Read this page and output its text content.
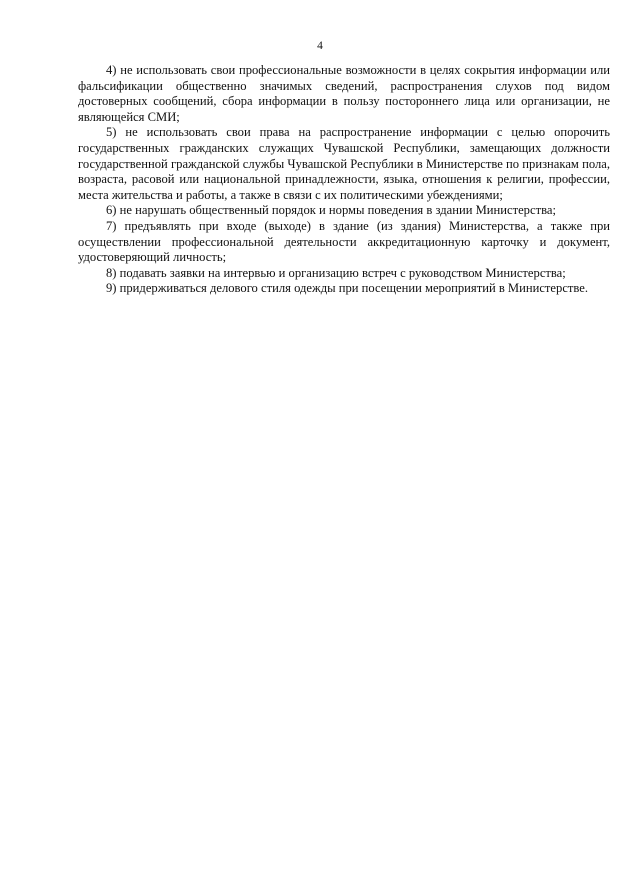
4

4) не использовать свои профессиональные возможности в целях сокрытия информации или фальсификации общественно значимых сведений, распространения слухов под видом достоверных сообщений, сбора информации в пользу постороннего лица или организации, не являющейся СМИ;

5) не использовать свои права на распространение информации с целью опорочить государственных гражданских служащих Чувашской Республики, замещающих должности государственной гражданской службы Чувашской Республики в Министерстве по признакам пола, возраста, расовой или национальной принадлежности, языка, отношения к религии, профессии, места жительства и работы, а также в связи с их политическими убеждениями;

6) не нарушать общественный порядок и нормы поведения в здании Министерства;

7) предъявлять при входе (выходе) в здание (из здания) Министерства, а также при осуществлении профессиональной деятельности аккредитационную карточку и документ, удостоверяющий личность;

8) подавать заявки на интервью и организацию встреч с руководством Министерства;

9) придерживаться делового стиля одежды при посещении мероприятий в Министерстве.
